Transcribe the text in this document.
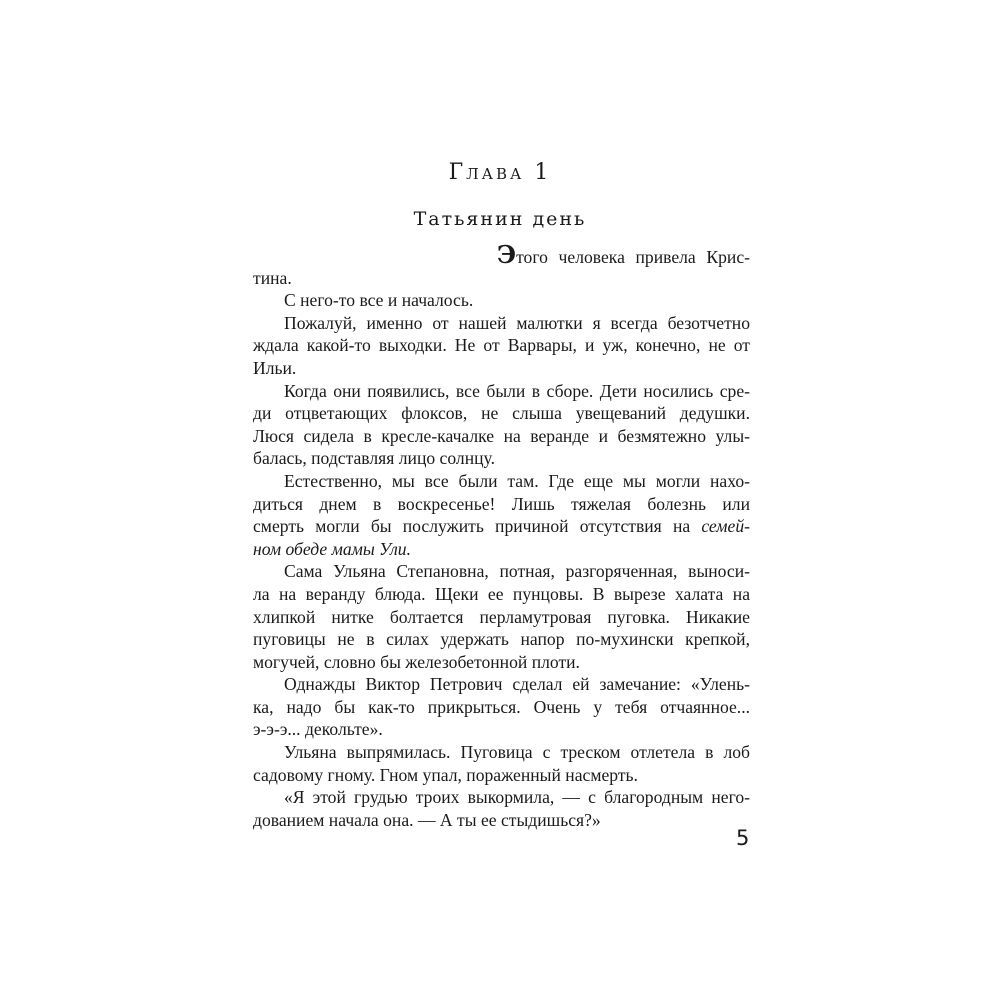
Глава 1
Татьянин день
Этого человека привела Крис-
тина.
С него-то все и началось.
Пожалуй, именно от нашей малютки я всегда безотчетно
ждала какой-то выходки. Не от Варвары, и уж, конечно, не от
Ильи.
Когда они появились, все были в сборе. Дети носились сре-
ди отцветающих флоксов, не слыша увещеваний дедушки.
Люся сидела в кресле-качалке на веранде и безмятежно улы-
балась, подставляя лицо солнцу.
Естественно, мы все были там. Где еще мы могли нахо-
диться днем в воскресенье! Лишь тяжелая болезнь или
смерть могли бы послужить причиной отсутствия на семей-
ном обеде мамы Ули.
Сама Ульяна Степановна, потная, разгоряченная, выноси-
ла на веранду блюда. Щеки ее пунцовы. В вырезе халата на
хлипкой нитке болтается перламутровая пуговка. Никакие
пуговицы не в силах удержать напор по-мухински крепкой,
могучей, словно бы железобетонной плоти.
Однажды Виктор Петрович сделал ей замечание: «Улень-
ка, надо бы как-то прикрыться. Очень у тебя отчаянное...
э-э-э... декольте».
Ульяна выпрямилась. Пуговица с треском отлетела в лоб
садовому гному. Гном упал, пораженный насмерть.
«Я этой грудью троих выкормила, — с благородным него-
дованием начала она. — А ты ее стыдишься?»
5
